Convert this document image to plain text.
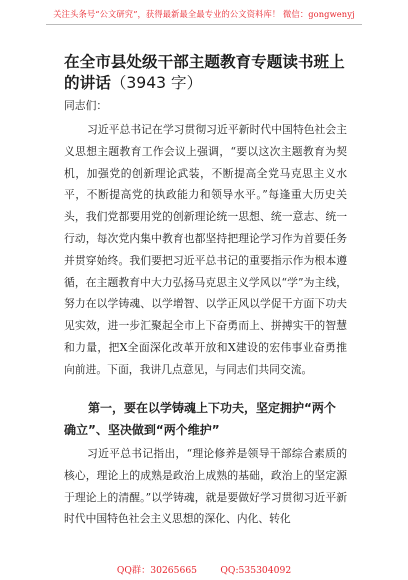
关注头条号“公文研究”，获得最新最全最专业的公文资料库！ 微信：gongwenyj
在全市县处级干部主题教育专题读书班上的讲话（3943 字）
同志们：

习近平总书记在学习贯彻习近平新时代中国特色社会主义思想主题教育工作会议上强调，“要以这次主题教育为契机，加强党的创新理论武装，不断提高全党马克思主义水平，不断提高党的执政能力和领导水平。”每逢重大历史关头，我们党都要用党的创新理论统一思想、统一意志、统一行动，每次党内集中教育也都坚持把理论学习作为首要任务并贯穿始终。我们要把习近平总书记的重要指示作为根本遵循，在主题教育中大力弘扬马克思主义学风以“学”为主线，努力在以学铸魂、以学增智、以学正风以学促干方面下功夫见实效，进一步汇聚起全市上下奋勇而上、拼搏实干的智慧和力量，把X全面深化改革开放和X建设的宏伟事业奋勇推向前进。下面，我讲几点意见，与同志们共同交流。

第一，要在以学铸魂上下功夫，坚定拥护“两个确立”、坚决做到“两个维护”

习近平总书记指出，“理论修养是领导干部综合素质的核心，理论上的成熟是政治上成熟的基础，政治上的坚定源于理论上的清醒。”以学铸魂，就是要做好学习贯彻习近平新时代中国特色社会主义思想的深化、内化、转化

QQ群：30265665        QQ:535304092
